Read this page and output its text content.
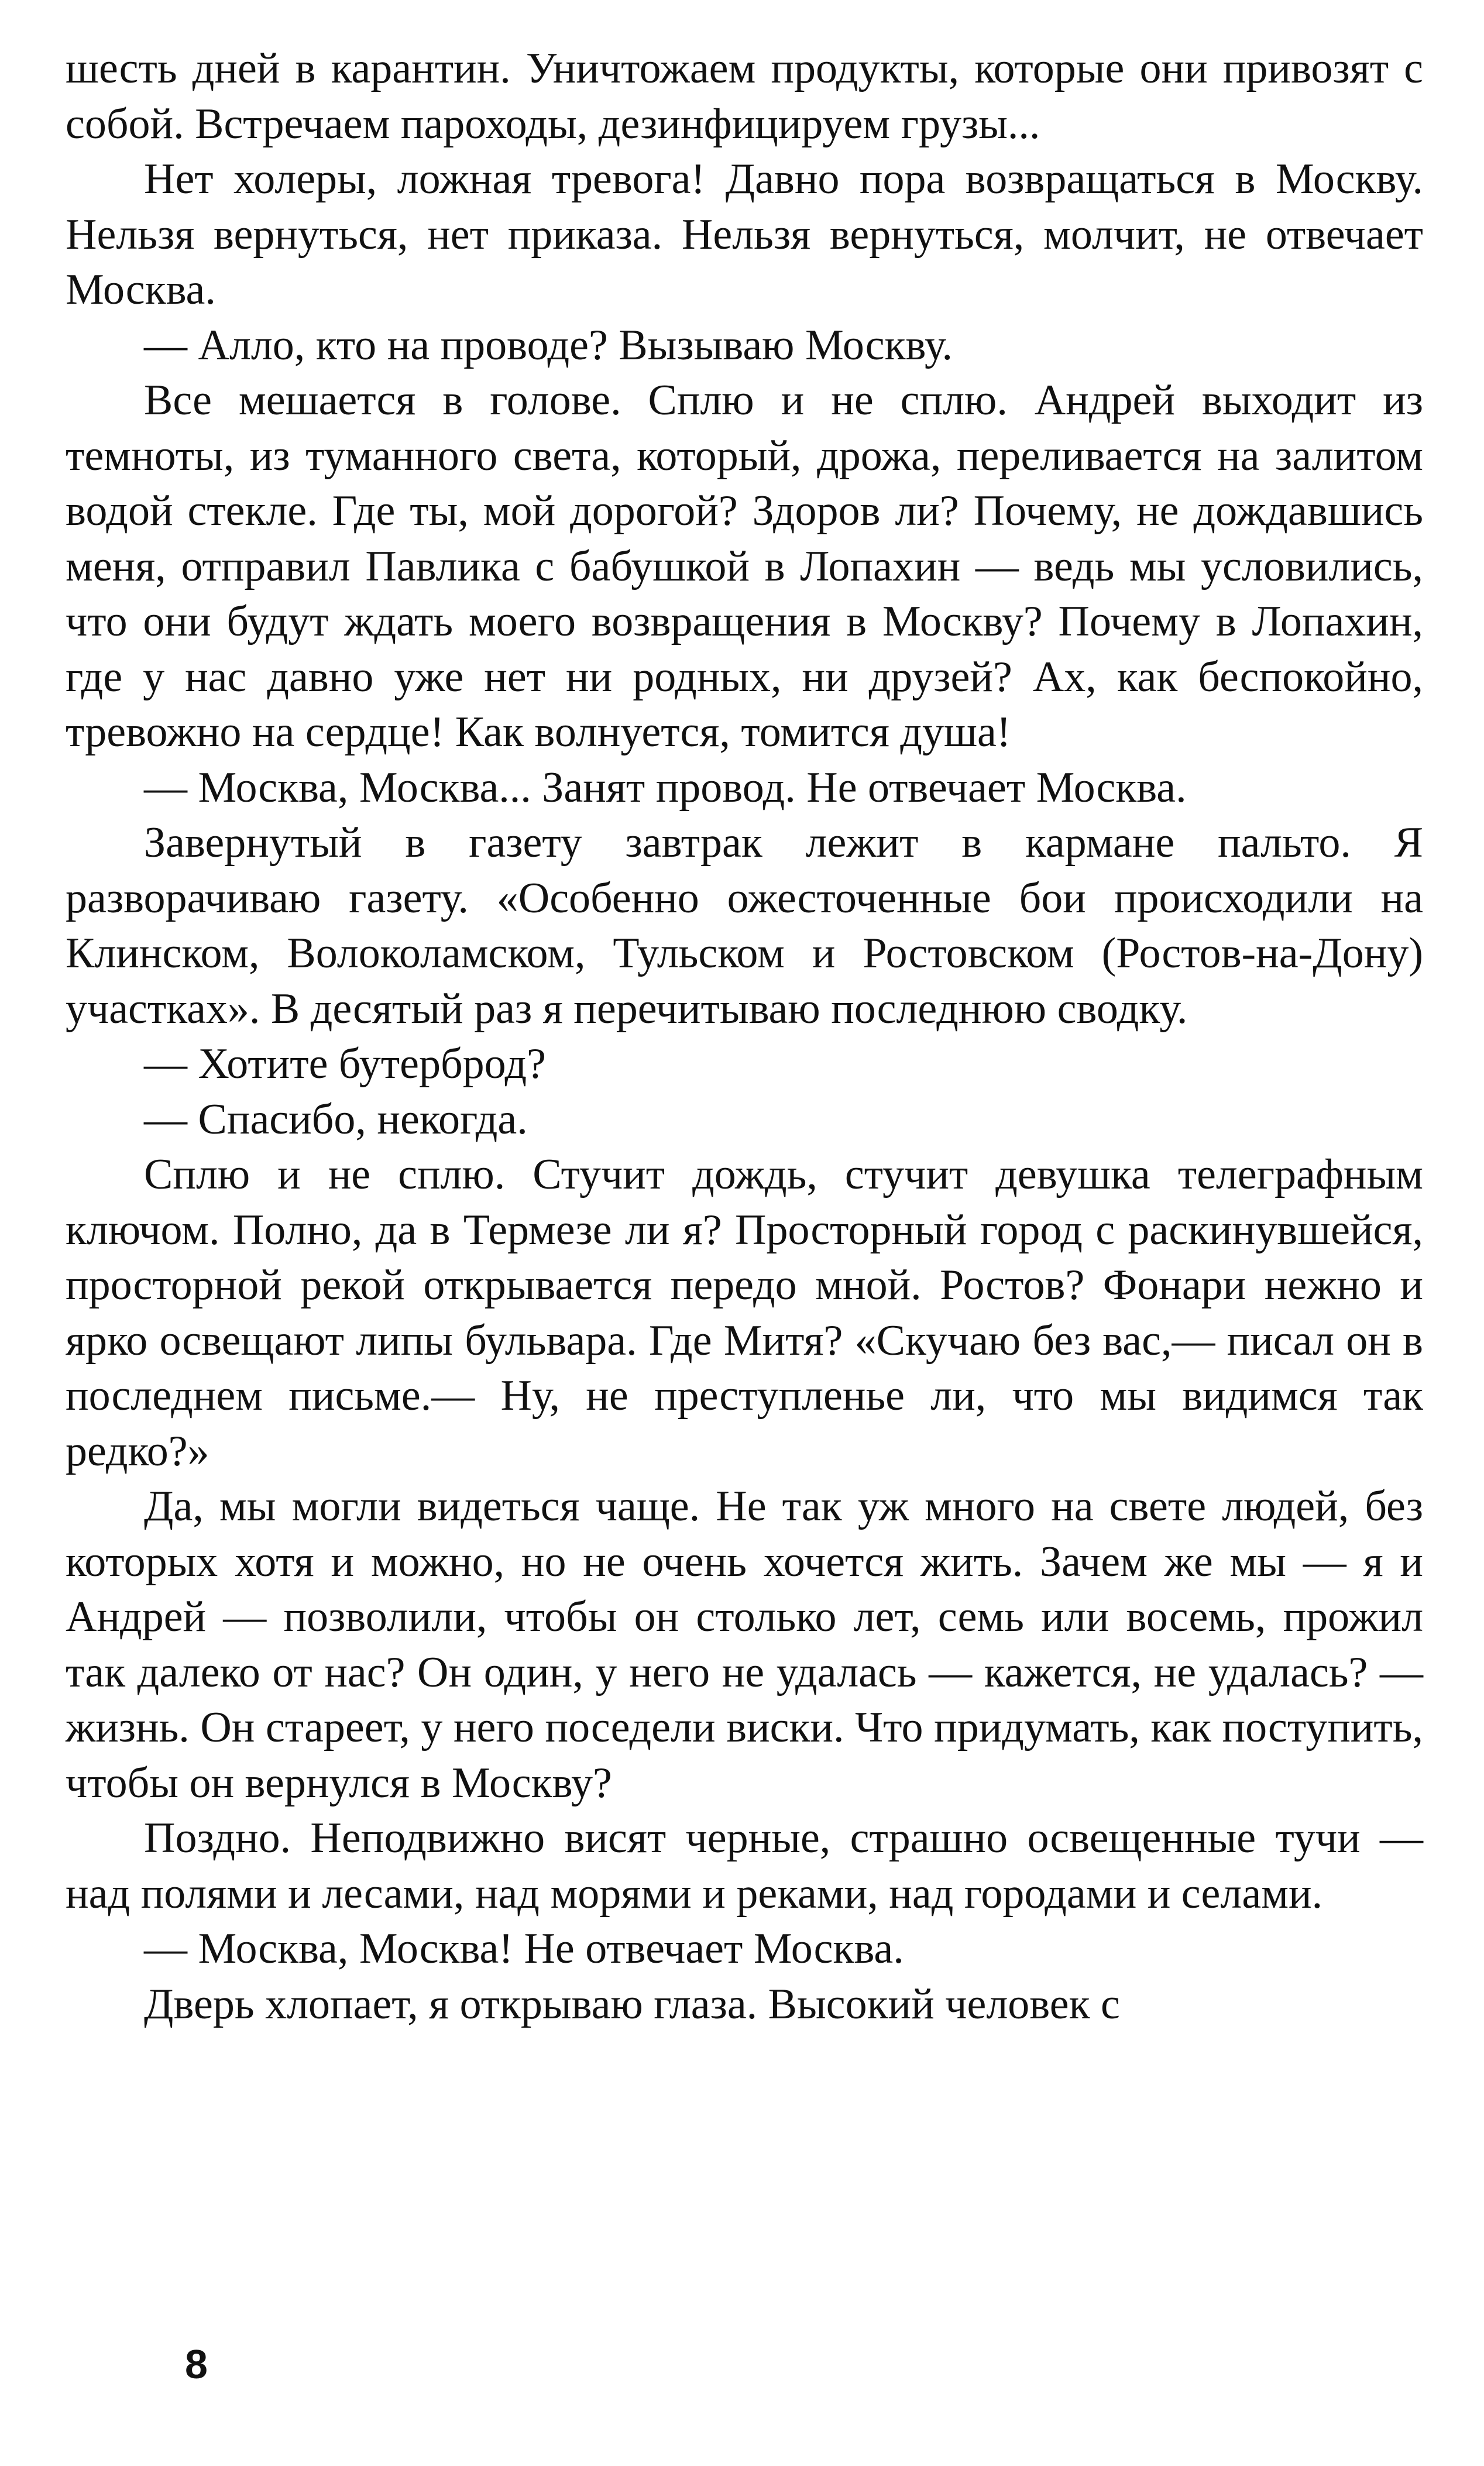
шесть дней в карантин. Уничтожаем продукты, которые они привозят с собой. Встречаем пароходы, дезинфицируем грузы...

Нет холеры, ложная тревога! Давно пора возвращаться в Москву. Нельзя вернуться, нет приказа. Нельзя вернуться, молчит, не отвечает Москва.

— Алло, кто на проводе? Вызываю Москву.

Все мешается в голове. Сплю и не сплю. Андрей выходит из темноты, из туманного света, который, дрожа, переливается на залитом водой стекле. Где ты, мой дорогой? Здоров ли? Почему, не дождавшись меня, отправил Павлика с бабушкой в Лопахин — ведь мы условились, что они будут ждать моего возвращения в Москву? Почему в Лопахин, где у нас давно уже нет ни родных, ни друзей? Ах, как беспокойно, тревожно на сердце! Как волнуется, томится душа!

— Москва, Москва... Занят провод. Не отвечает Москва.

Завернутый в газету завтрак лежит в кармане пальто. Я разворачиваю газету. «Особенно ожесточенные бои происходили на Клинском, Волоколамском, Тульском и Ростовском (Ростов-на-Дону) участках». В десятый раз я перечитываю последнюю сводку.

— Хотите бутерброд?

— Спасибо, некогда.

Сплю и не сплю. Стучит дождь, стучит девушка телеграфным ключом. Полно, да в Термезе ли я? Просторный город с раскинувшейся, просторной рекой открывается передо мной. Ростов? Фонари нежно и ярко освещают липы бульвара. Где Митя? «Скучаю без вас,— писал он в последнем письме.— Ну, не преступленье ли, что мы видимся так редко?»

Да, мы могли видеться чаще. Не так уж много на свете людей, без которых хотя и можно, но не очень хочется жить. Зачем же мы — я и Андрей — позволили, чтобы он столько лет, семь или восемь, прожил так далеко от нас? Он один, у него не удалась — кажется, не удалась? — жизнь. Он стареет, у него поседели виски. Что придумать, как поступить, чтобы он вернулся в Москву?

Поздно. Неподвижно висят черные, страшно освещенные тучи — над полями и лесами, над морями и реками, над городами и селами.

— Москва, Москва! Не отвечает Москва.

Дверь хлопает, я открываю глаза. Высокий человек с

8
